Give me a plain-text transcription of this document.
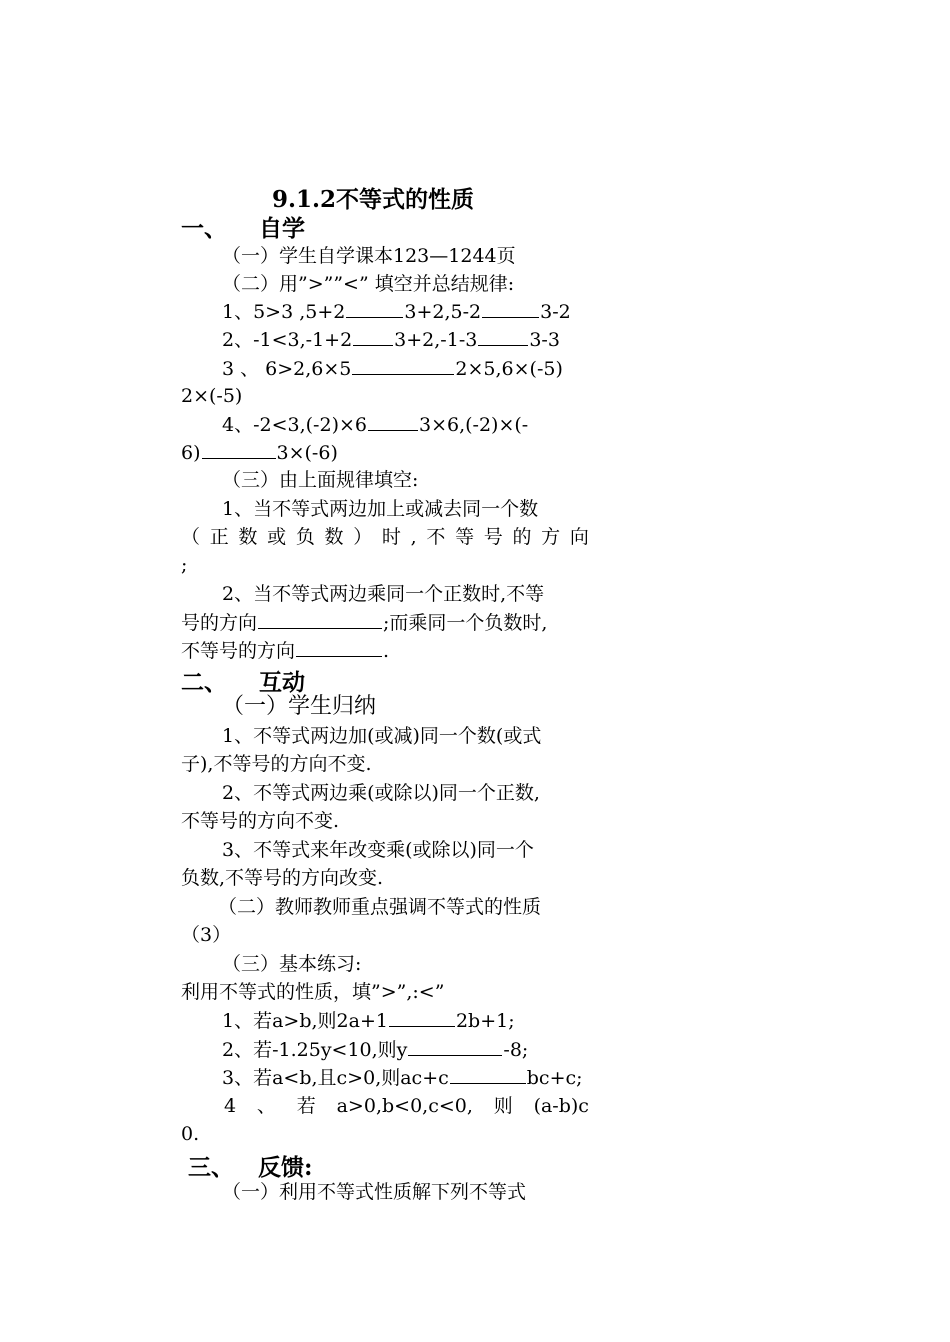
9.1.2不等式的性质
一、 自学
（一）学生自学课本123—1244页
（二）用”>””<” 填空并总结规律:
1、5>3 ,5+2	3+2,5-2	3-2
2、-1<3,-1+2 3+2,-1-3	3-3
3 、 6>2,6×5	2×5,6×(-5)
2×(-5)
4、-2<3,(-2)×6	3×6,(-2)×(-
6)	3×(-6)
（三）由上面规律填空:
1、当不等式两边加上或减去同一个数
（ 正 数 或 负 数 ） 时 , 不 等 号 的 方 向
;
2、当不等式两边乘同一个正数时,不等
号的方向	;而乘同一个负数时,
不等号的方向	.
二、 互动
（一）学生归纳
1、不等式两边加(或减)同一个数(或式
子),不等号的方向不变.
2、不等式两边乘(或除以)同一个正数,
不等号的方向不变.
3、不等式来年改变乘(或除以)同一个
负数,不等号的方向改变.
（二）教师教师重点强调不等式的性质
（3）
（三）基本练习:
利用不等式的性质，填”>”,:<”
1、若a>b,则2a+1	2b+1;
2、若-1.25y<10,则y	-8;
3、若a<b,且c>0,则ac+c	bc+c;
4 、 若 a>0,b<0,c<0, 则 (a-b)c
0.
三、 反馈:
（一）利用不等式性质解下列不等式
